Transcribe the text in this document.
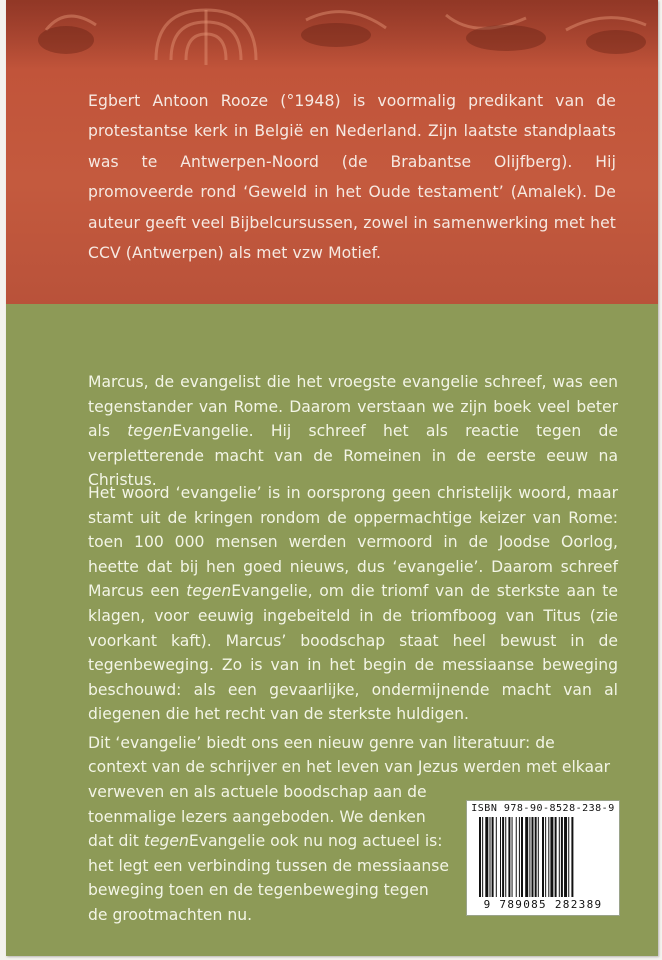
Egbert Antoon Rooze (°1948) is voormalig predikant van de protestantse kerk in België en Nederland. Zijn laatste standplaats was te Antwerpen-Noord (de Brabantse Olijfberg). Hij promoveerde rond ‘Geweld in het Oude testament’ (Amalek). De auteur geeft veel Bijbelcursussen, zowel in samenwerking met het CCV (Antwerpen) als met vzw Motief.

Marcus, de evangelist die het vroegste evangelie schreef, was een tegenstander van Rome. Daarom verstaan we zijn boek veel beter als tegenEvangelie. Hij schreef het als reactie tegen de verpletterende macht van de Romeinen in de eerste eeuw na Christus.

Het woord ‘evangelie’ is in oorsprong geen christelijk woord, maar stamt uit de kringen rondom de oppermachtige keizer van Rome: toen 100 000 mensen werden vermoord in de Joodse Oorlog, heette dat bij hen goed nieuws, dus ‘evangelie’. Daarom schreef Marcus een tegenEvangelie, om die triomf van de sterkste aan te klagen, voor eeuwig ingebeiteld in de triomfboog van Titus (zie voorkant kaft). Marcus’ boodschap staat heel bewust in de tegenbeweging. Zo is van in het begin de messiaanse beweging beschouwd: als een gevaarlijke, ondermijnende macht van al diegenen die het recht van de sterkste huldigen.

Dit ‘evangelie’ biedt ons een nieuw genre van literatuur: de
context van de schrijver en het leven van Jezus werden met elkaar
verweven en als actuele boodschap aan de
toenmalige lezers aangeboden. We denken
dat dit tegenEvangelie ook nu nog actueel is:
het legt een verbinding tussen de messiaanse
beweging toen en de tegenbeweging tegen
de grootmachten nu.
ISBN 978-90-8528-238-9
9 789085 282389
